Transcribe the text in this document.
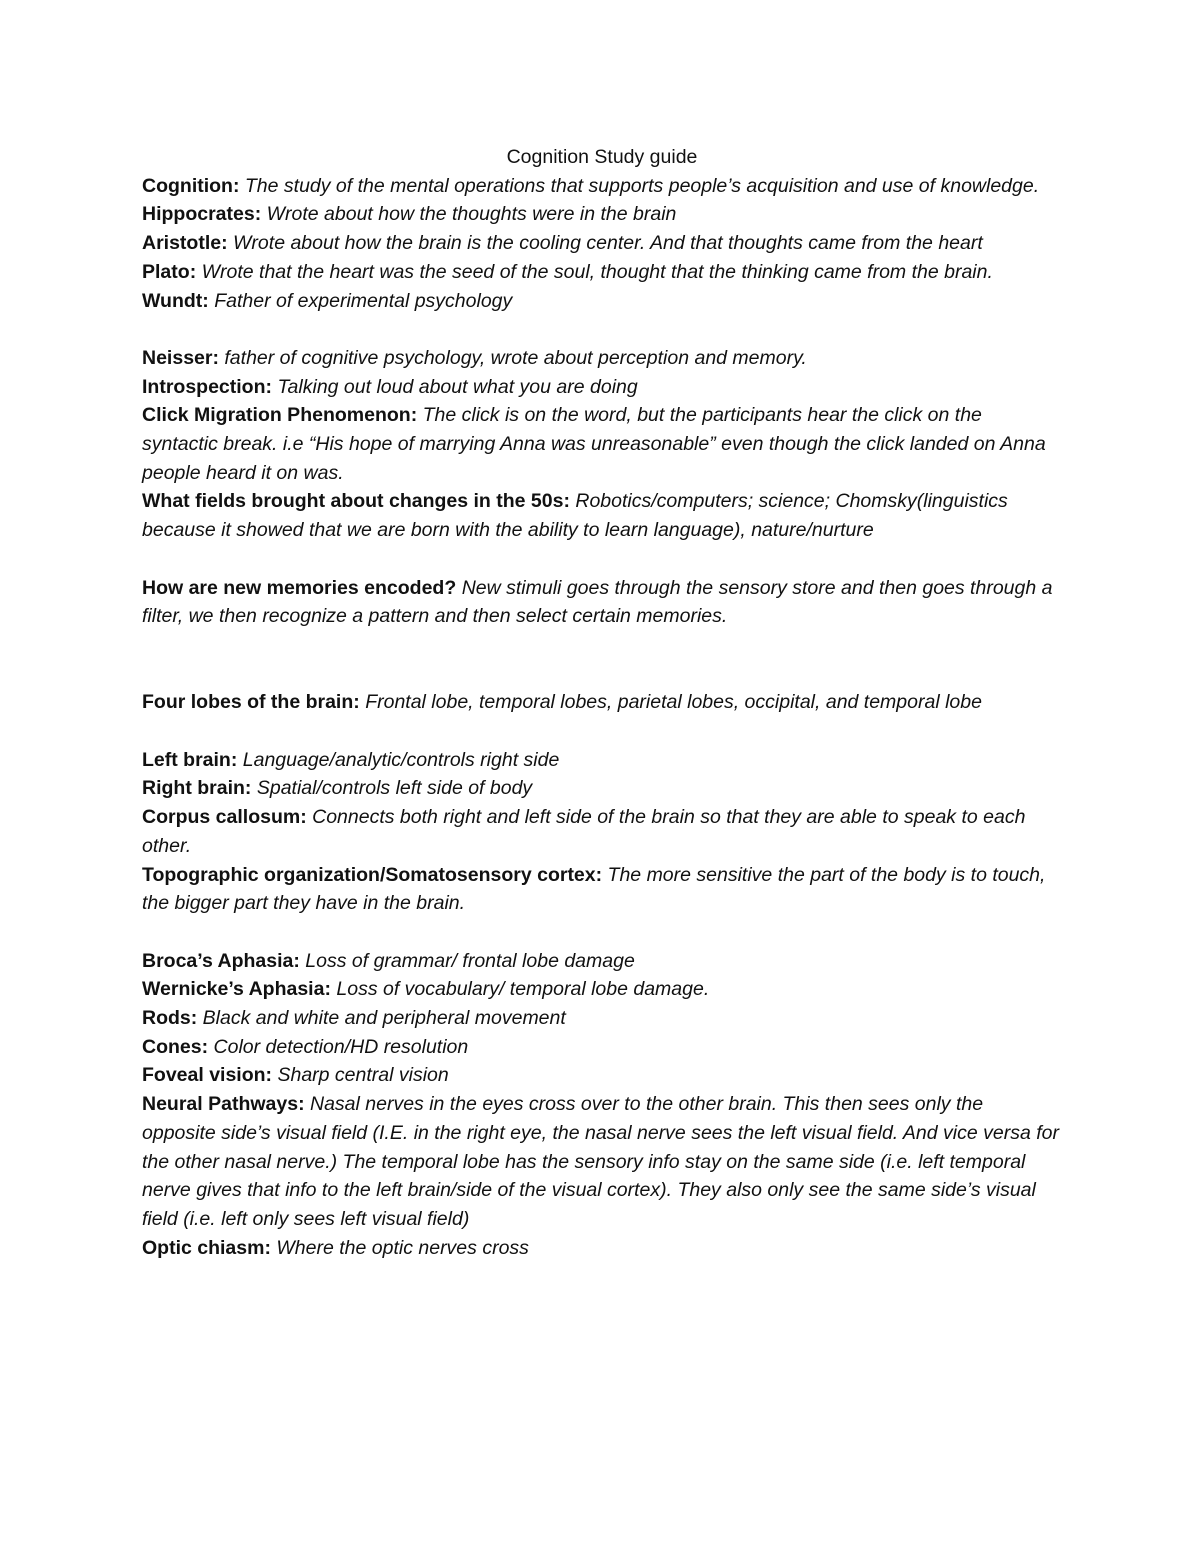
Cognition Study guide

Cognition: The study of the mental operations that supports people’s acquisition and use of knowledge.

Hippocrates: Wrote about how the thoughts were in the brain

Aristotle: Wrote about how the brain is the cooling center. And that thoughts came from the heart

Plato: Wrote that the heart was the seed of the soul, thought that the thinking came from the brain.

Wundt: Father of experimental psychology

Neisser: father of cognitive psychology, wrote about perception and memory.

Introspection: Talking out loud about what you are doing

Click Migration Phenomenon: The click is on the word, but the participants hear the click on the syntactic break. i.e “His hope of marrying Anna was unreasonable” even though the click landed on Anna people heard it on was.

What fields brought about changes in the 50s: Robotics/computers; science; Chomsky(linguistics because it showed that we are born with the ability to learn language), nature/nurture

How are new memories encoded? New stimuli goes through the sensory store and then goes through a filter, we then recognize a pattern and then select certain memories.

Four lobes of the brain: Frontal lobe, temporal lobes, parietal lobes, occipital, and temporal lobe

Left brain: Language/analytic/controls right side

Right brain: Spatial/controls left side of body

Corpus callosum: Connects both right and left side of the brain so that they are able to speak to each other.

Topographic organization/Somatosensory cortex: The more sensitive the part of the body is to touch, the bigger part they have in the brain.

Broca’s Aphasia: Loss of grammar/ frontal lobe damage

Wernicke’s Aphasia: Loss of vocabulary/ temporal lobe damage.

Rods: Black and white and peripheral movement

Cones: Color detection/HD resolution

Foveal vision: Sharp central vision

Neural Pathways: Nasal nerves in the eyes cross over to the other brain. This then sees only the opposite side’s visual field (I.E. in the right eye, the nasal nerve sees the left visual field. And vice versa for the other nasal nerve.) The temporal lobe has the sensory info stay on the same side (i.e. left temporal nerve gives that info to the left brain/side of the visual cortex). They also only see the same side’s visual field (i.e. left only sees left visual field)

Optic chiasm: Where the optic nerves cross
